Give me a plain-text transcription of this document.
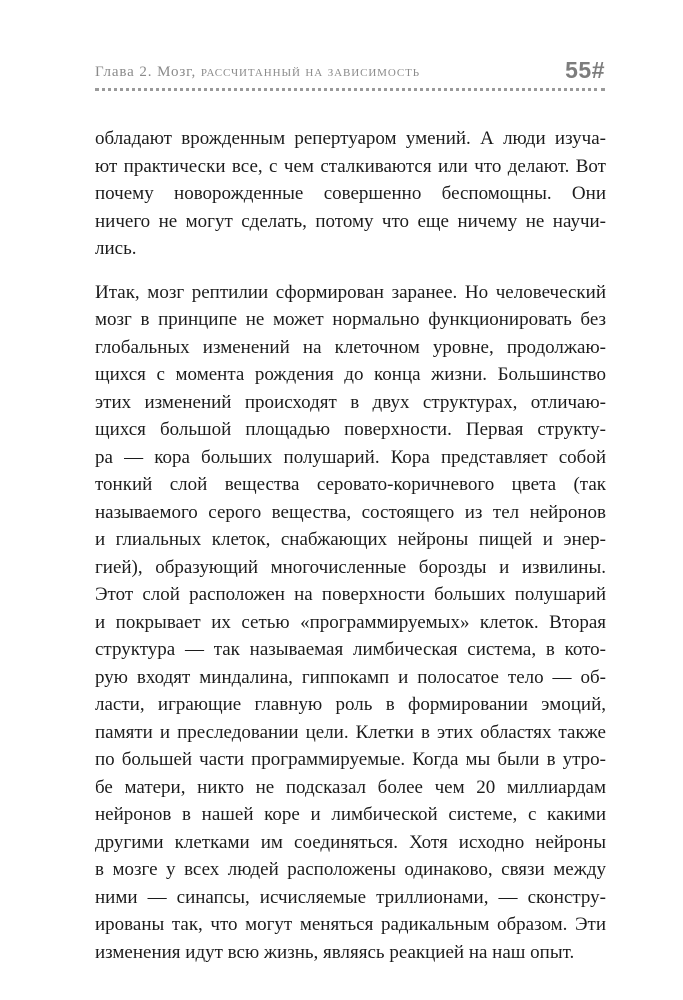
Глава 2. Мозг, рассчитанный на зависимость	55#
обладают врожденным репертуаром умений. А люди изуча-
ют практически все, с чем сталкиваются или что делают. Вот
почему новорожденные совершенно беспомощны. Они
ничего не могут сделать, потому что еще ничему не научи-
лись.
Итак, мозг рептилии сформирован заранее. Но человеческий
мозг в принципе не может нормально функционировать без
глобальных изменений на клеточном уровне, продолжаю-
щихся с момента рождения до конца жизни. Большинство
этих изменений происходят в двух структурах, отличаю-
щихся большой площадью поверхности. Первая структу-
ра — кора больших полушарий. Кора представляет собой
тонкий слой вещества серовато-коричневого цвета (так
называемого серого вещества, состоящего из тел нейронов
и глиальных клеток, снабжающих нейроны пищей и энер-
гией), образующий многочисленные борозды и извилины.
Этот слой расположен на поверхности больших полушарий
и покрывает их сетью «программируемых» клеток. Вторая
структура — так называемая лимбическая система, в кото-
рую входят миндалина, гиппокамп и полосатое тело — об-
ласти, играющие главную роль в формировании эмоций,
памяти и преследовании цели. Клетки в этих областях также
по большей части программируемые. Когда мы были в утро-
бе матери, никто не подсказал более чем 20 миллиардам
нейронов в нашей коре и лимбической системе, с какими
другими клетками им соединяться. Хотя исходно нейроны
в мозге у всех людей расположены одинаково, связи между
ними — синапсы, исчисляемые триллионами, — сконстру-
ированы так, что могут меняться радикальным образом. Эти
изменения идут всю жизнь, являясь реакцией на наш опыт.
